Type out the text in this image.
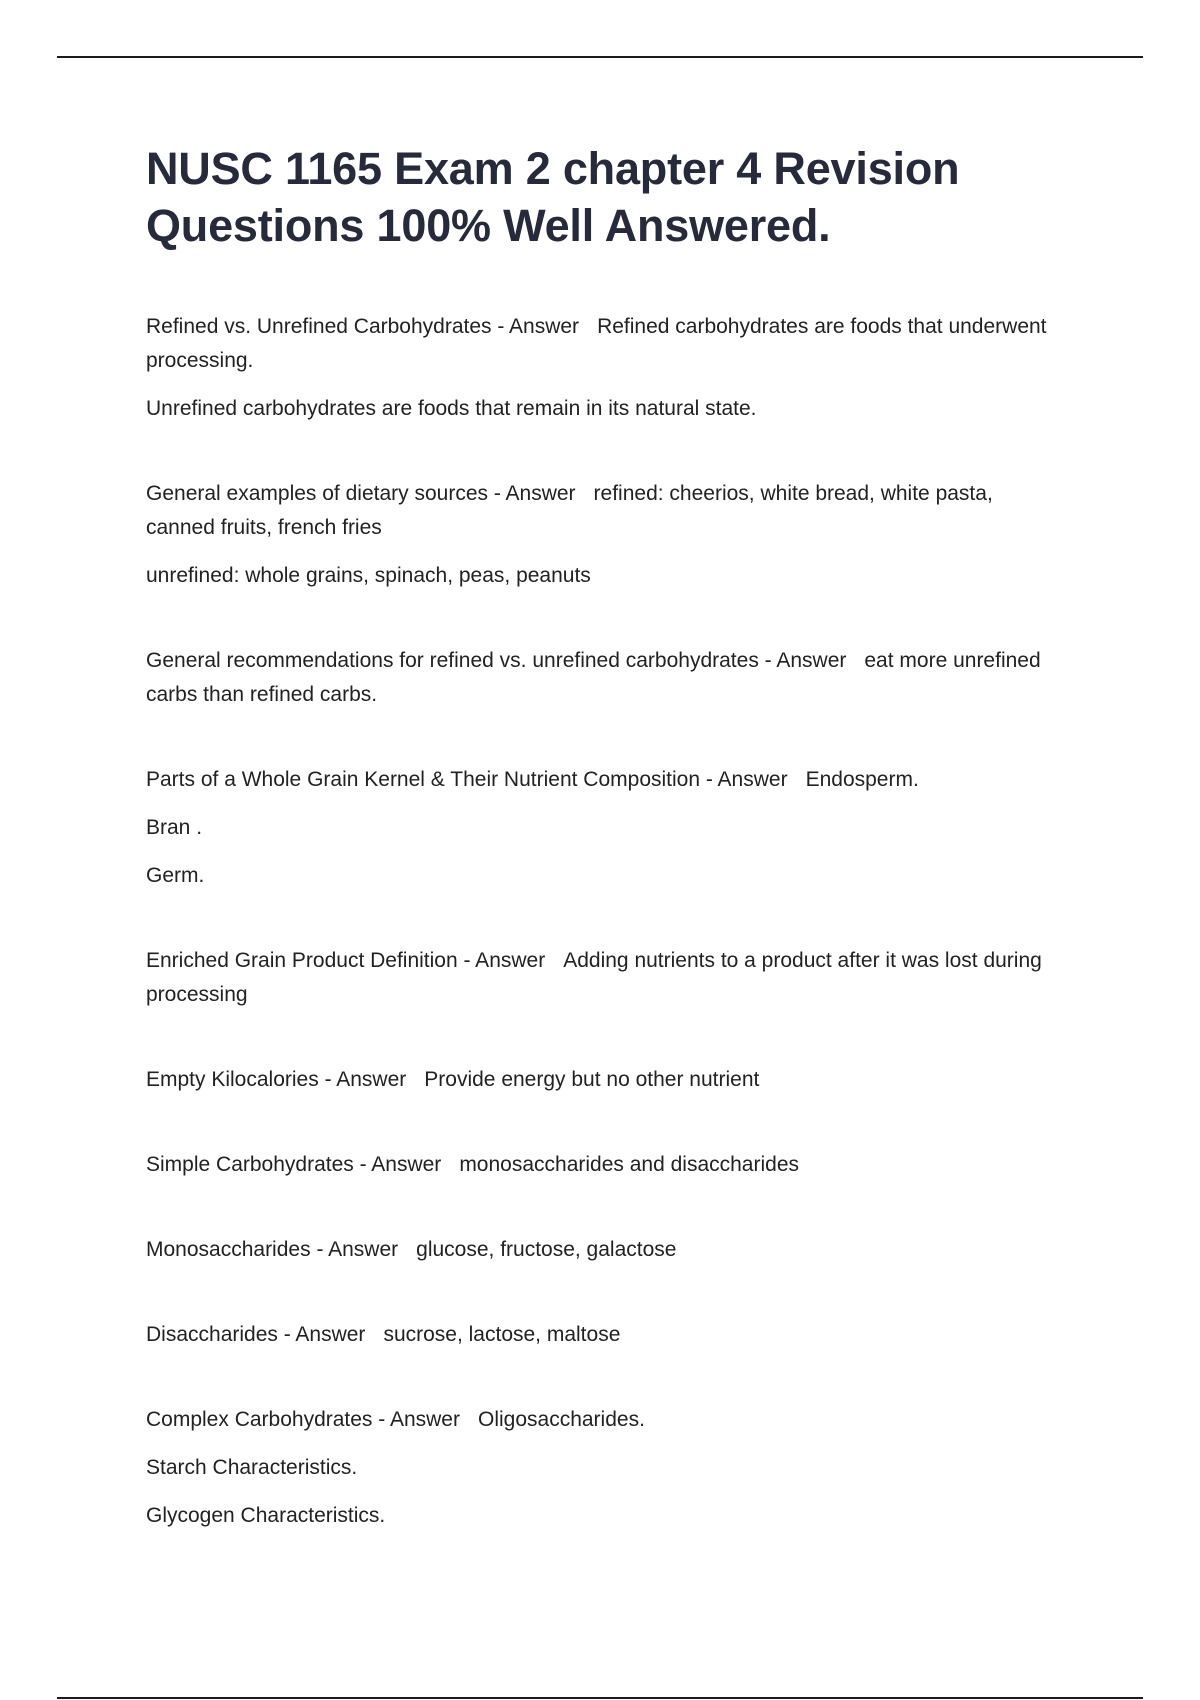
NUSC 1165 Exam 2 chapter 4 Revision Questions 100% Well Answered.

Refined vs. Unrefined Carbohydrates - Answer Refined carbohydrates are foods that underwent processing.

Unrefined carbohydrates are foods that remain in its natural state.

General examples of dietary sources - Answer refined: cheerios, white bread, white pasta, canned fruits, french fries

unrefined: whole grains, spinach, peas, peanuts

General recommendations for refined vs. unrefined carbohydrates - Answer eat more unrefined carbs than refined carbs.

Parts of a Whole Grain Kernel & Their Nutrient Composition - Answer Endosperm.

Bran .

Germ.

Enriched Grain Product Definition - Answer Adding nutrients to a product after it was lost during processing

Empty Kilocalories - Answer Provide energy but no other nutrient

Simple Carbohydrates - Answer monosaccharides and disaccharides

Monosaccharides - Answer glucose, fructose, galactose

Disaccharides - Answer sucrose, lactose, maltose

Complex Carbohydrates - Answer Oligosaccharides.

Starch Characteristics.

Glycogen Characteristics.
